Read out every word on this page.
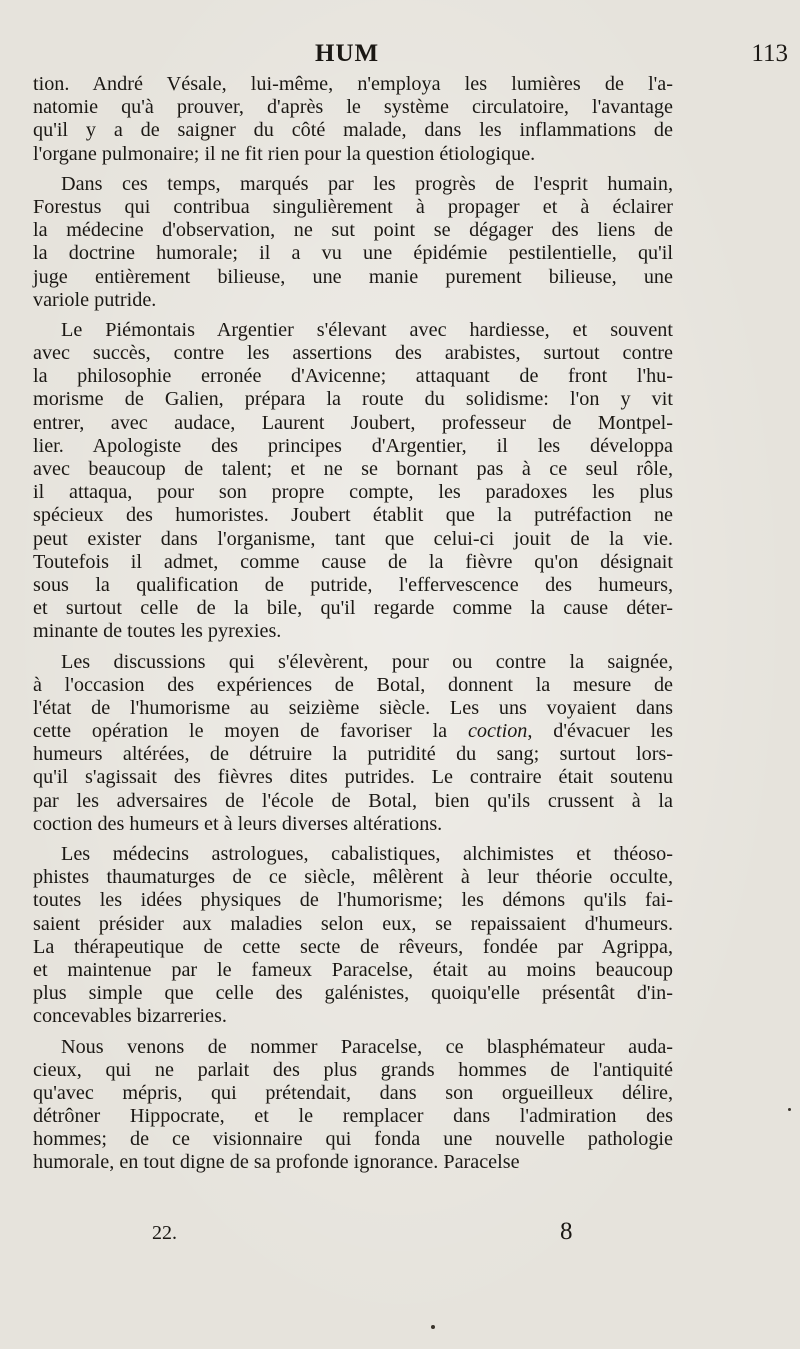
HUM	113
tion. André Vésale, lui-même, n'employa les lumières de l'a-
natomie qu'à prouver, d'après le système circulatoire, l'avantage
qu'il y a de saigner du côté malade, dans les inflammations de
l'organe pulmonaire; il ne fit rien pour la question étiologique.
Dans ces temps, marqués par les progrès de l'esprit humain,
Forestus qui contribua singulièrement à propager et à éclairer
la médecine d'observation, ne sut point se dégager des liens de
la doctrine humorale; il a vu une épidémie pestilentielle, qu'il
juge entièrement bilieuse, une manie purement bilieuse, une
variole putride.
Le Piémontais Argentier s'élevant avec hardiesse, et souvent
avec succès, contre les assertions des arabistes, surtout contre
la philosophie erronée d'Avicenne; attaquant de front l'hu-
morisme de Galien, prépara la route du solidisme: l'on y vit
entrer, avec audace, Laurent Joubert, professeur de Montpel-
lier. Apologiste des principes d'Argentier, il les développa
avec beaucoup de talent; et ne se bornant pas à ce seul rôle,
il attaqua, pour son propre compte, les paradoxes les plus
spécieux des humoristes. Joubert établit que la putréfaction ne
peut exister dans l'organisme, tant que celui-ci jouit de la vie.
Toutefois il admet, comme cause de la fièvre qu'on désignait
sous la qualification de putride, l'effervescence des humeurs,
et surtout celle de la bile, qu'il regarde comme la cause déter-
minante de toutes les pyrexies.
Les discussions qui s'élevèrent, pour ou contre la saignée,
à l'occasion des expériences de Botal, donnent la mesure de
l'état de l'humorisme au seizième siècle. Les uns voyaient dans
cette opération le moyen de favoriser la coction, d'évacuer les
humeurs altérées, de détruire la putridité du sang; surtout lors-
qu'il s'agissait des fièvres dites putrides. Le contraire était soutenu
par les adversaires de l'école de Botal, bien qu'ils crussent à la
coction des humeurs et à leurs diverses altérations.
Les médecins astrologues, cabalistiques, alchimistes et théoso-
phistes thaumaturges de ce siècle, mêlèrent à leur théorie occulte,
toutes les idées physiques de l'humorisme; les démons qu'ils fai-
saient présider aux maladies selon eux, se repaissaient d'humeurs.
La thérapeutique de cette secte de rêveurs, fondée par Agrippa,
et maintenue par le fameux Paracelse, était au moins beaucoup
plus simple que celle des galénistes, quoiqu'elle présentât d'in-
concevables bizarreries.
Nous venons de nommer Paracelse, ce blasphémateur auda-
cieux, qui ne parlait des plus grands hommes de l'antiquité
qu'avec mépris, qui prétendait, dans son orgueilleux délire,
détrôner Hippocrate, et le remplacer dans l'admiration des
hommes; de ce visionnaire qui fonda une nouvelle pathologie
humorale, en tout digne de sa profonde ignorance. Paracelse
22.	8
